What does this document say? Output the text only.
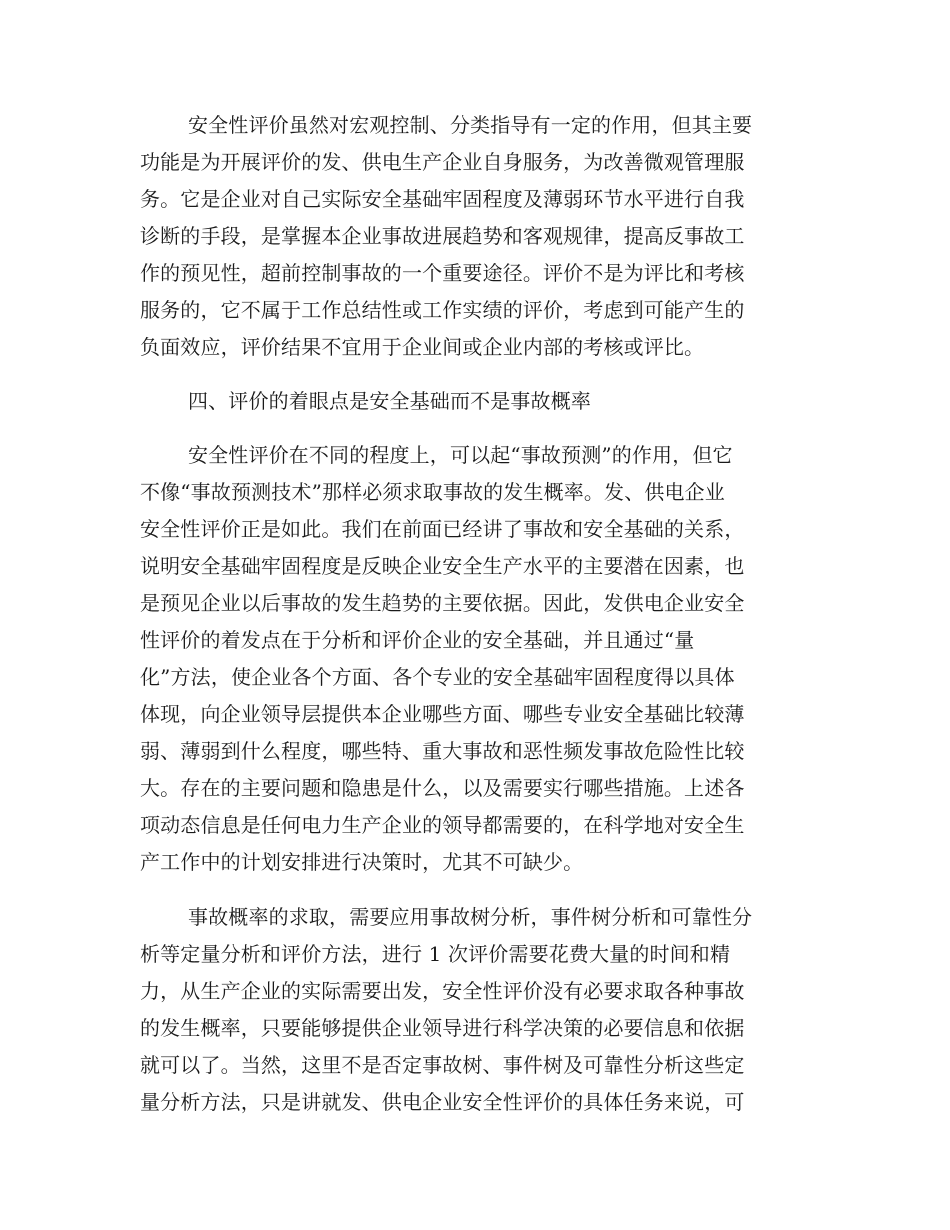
安全性评价虽然对宏观控制、分类指导有一定的作用，但其主要
功能是为开展评价的发、供电生产企业自身服务，为改善微观管理服
务。它是企业对自己实际安全基础牢固程度及薄弱环节水平进行自我
诊断的手段，是掌握本企业事故进展趋势和客观规律，提高反事故工
作的预见性，超前控制事故的一个重要途径。评价不是为评比和考核
服务的，它不属于工作总结性或工作实绩的评价，考虑到可能产生的
负面效应，评价结果不宜用于企业间或企业内部的考核或评比。
四、评价的着眼点是安全基础而不是事故概率
安全性评价在不同的程度上，可以起“事故预测”的作用，但它
不像“事故预测技术”那样必须求取事故的发生概率。发、供电企业
安全性评价正是如此。我们在前面已经讲了事故和安全基础的关系，
说明安全基础牢固程度是反映企业安全生产水平的主要潜在因素，也
是预见企业以后事故的发生趋势的主要依据。因此，发供电企业安全
性评价的着发点在于分析和评价企业的安全基础，并且通过“量
化”方法，使企业各个方面、各个专业的安全基础牢固程度得以具体
体现，向企业领导层提供本企业哪些方面、哪些专业安全基础比较薄
弱、薄弱到什么程度，哪些特、重大事故和恶性频发事故危险性比较
大。存在的主要问题和隐患是什么，以及需要实行哪些措施。上述各
项动态信息是任何电力生产企业的领导都需要的，在科学地对安全生
产工作中的计划安排进行决策时，尤其不可缺少。
事故概率的求取，需要应用事故树分析，事件树分析和可靠性分
析等定量分析和评价方法，进行 1 次评价需要花费大量的时间和精
力，从生产企业的实际需要出发，安全性评价没有必要求取各种事故
的发生概率，只要能够提供企业领导进行科学决策的必要信息和依据
就可以了。当然，这里不是否定事故树、事件树及可靠性分析这些定
量分析方法，只是讲就发、供电企业安全性评价的具体任务来说，可
